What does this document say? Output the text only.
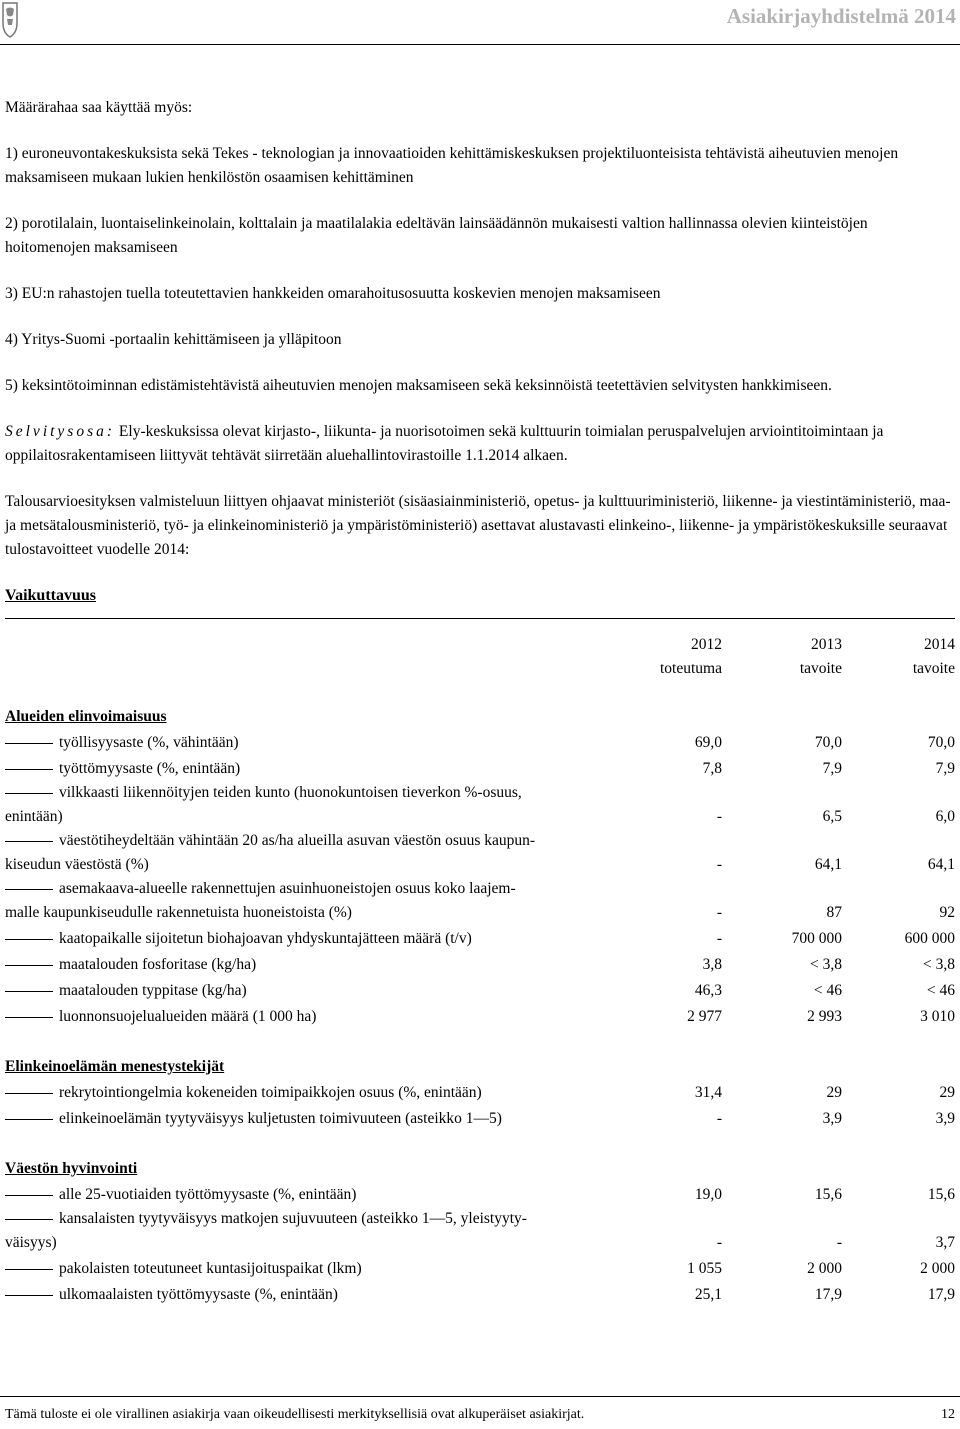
Asiakirjayhdistelmä 2014

Määrärahaa saa käyttää myös:

1) euroneuvontakeskuksista sekä Tekes - teknologian ja innovaatioiden kehittämiskeskuksen projektiluonteisista tehtävistä aiheutuvien menojen maksamiseen mukaan lukien henkilöstön osaamisen kehittäminen

2) porotilalain, luontaiselinkeinolain, kolttalain ja maatilalakia edeltävän lainsäädännön mukaisesti valtion hallinnassa olevien kiinteistöjen hoitomenojen maksamiseen

3) EU:n rahastojen tuella toteutettavien hankkeiden omarahoitusosuutta koskevien menojen maksamiseen

4) Yritys-Suomi -portaalin kehittämiseen ja ylläpitoon

5) keksintötoiminnan edistämistehtävistä aiheutuvien menojen maksamiseen sekä keksinnöistä teetettävien selvitysten hankkimiseen.

Selvitysosa: Ely-keskuksissa olevat kirjasto-, liikunta- ja nuorisotoimen sekä kulttuurin toimialan peruspalvelujen arviointitoimintaan ja oppilaitosrakentamiseen liittyvät tehtävät siirretään aluehallintovirastoille 1.1.2014 alkaen.

Talousarvioesityksen valmisteluun liittyen ohjaavat ministeriöt (sisäasiainministeriö, opetus- ja kulttuuriministeriö, liikenne- ja viestintäministeriö, maa- ja metsätalousministeriö, työ- ja elinkeinoministeriö ja ympäristöministeriö) asettavat alustavasti elinkeino-, liikenne- ja ympäristökeskuksille seuraavat tulostavoitteet vuodelle 2014:

Vaikuttavuus
	2012	2013	2014
	toteutuma	tavoite	tavoite
Alueiden elinvoimaisuus			
työllisyysaste (%, vähintään)	69,0	70,0	70,0
työttömyysaste (%, enintään)	7,8	7,9	7,9
vilkkaasti liikennöityjen teiden kunto (huonokuntoisen tieverkon %-osuus,			
enintään)	-	6,5	6,0
väestötiheydeltään vähintään 20 as/ha alueilla asuvan väestön osuus kaupun-			
kiseudun väestöstä (%)	-	64,1	64,1
asemakaava-alueelle rakennettujen asuinhuoneistojen osuus koko laajem-			
malle kaupunkiseudulle rakennetuista huoneistoista (%)	-	87	92
kaatopaikalle sijoitetun biohajoavan yhdyskuntajätteen määrä (t/v)	-	700 000	600 000
maatalouden fosforitase (kg/ha)	3,8	< 3,8	< 3,8
maatalouden typpitase (kg/ha)	46,3	< 46	< 46
luonnonsuojelualueiden määrä (1 000 ha)	2 977	2 993	3 010
Elinkeinoelämän menestystekijät			
rekrytointiongelmia kokeneiden toimipaikkojen osuus (%, enintään)	31,4	29	29
elinkeinoelämän tyytyväisyys kuljetusten toimivuuteen (asteikko 1—5)	-	3,9	3,9
Väestön hyvinvointi			
alle 25-vuotiaiden työttömyysaste (%, enintään)	19,0	15,6	15,6
kansalaisten tyytyväisyys matkojen sujuvuuteen (asteikko 1—5, yleistyyty-			
väisyys)	-	-	3,7
pakolaisten toteutuneet kuntasijoituspaikat (lkm)	1 055	2 000	2 000
ulkomaalaisten työttömyysaste (%, enintään)	25,1	17,9	17,9
Tämä tuloste ei ole virallinen asiakirja vaan oikeudellisesti merkityksellisiä ovat alkuperäiset asiakirjat.	12
